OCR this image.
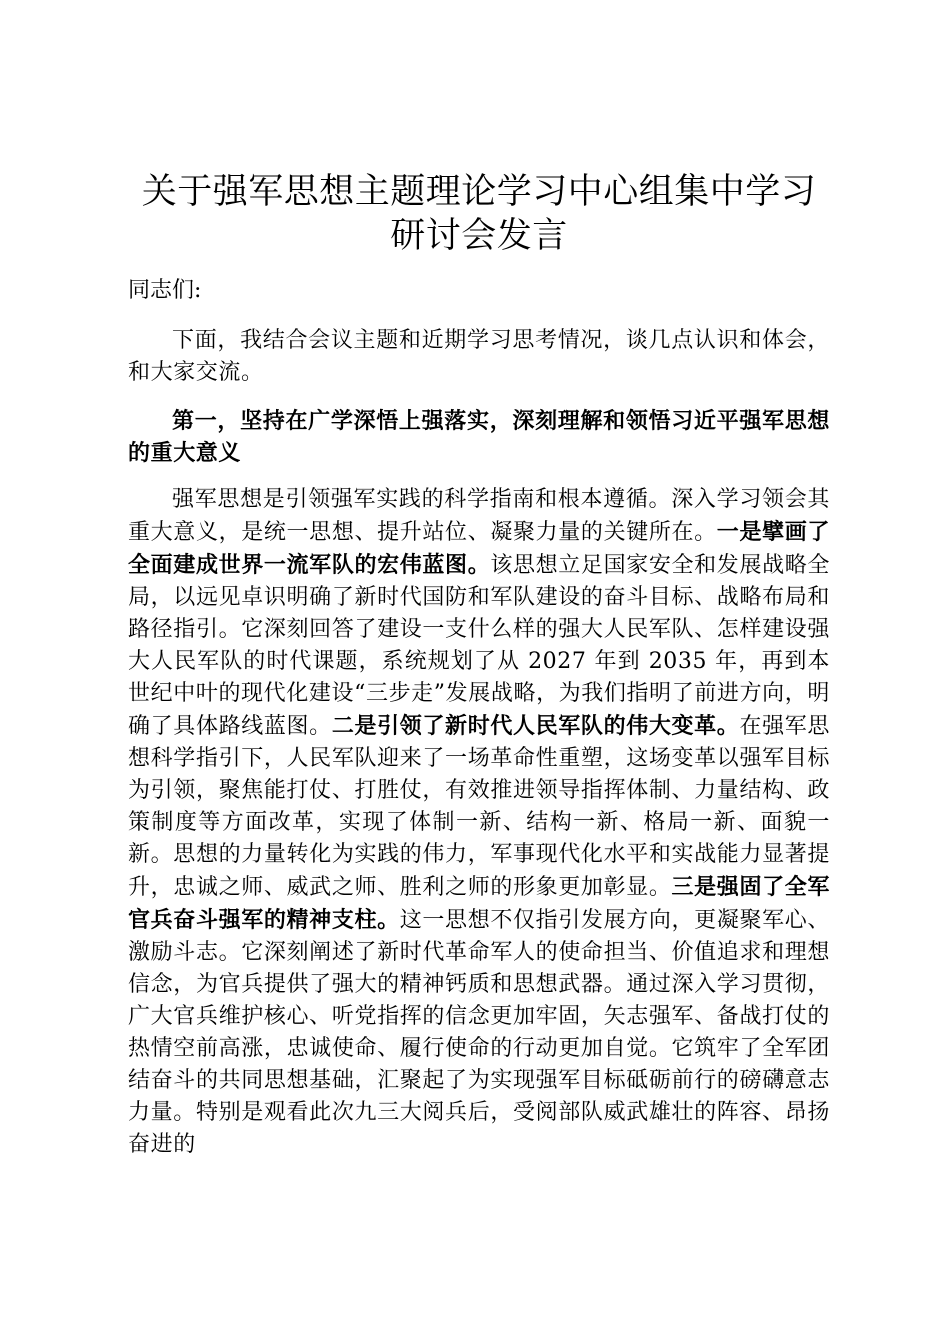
关于强军思想主题理论学习中心组集中学习研讨会发言

同志们:

下面，我结合会议主题和近期学习思考情况，谈几点认识和体会，和大家交流。

第一，坚持在广学深悟上强落实，深刻理解和领悟习近平强军思想的重大意义

强军思想是引领强军实践的科学指南和根本遵循。深入学习领会其重大意义，是统一思想、提升站位、凝聚力量的关键所在。一是擘画了全面建成世界一流军队的宏伟蓝图。该思想立足国家安全和发展战略全局，以远见卓识明确了新时代国防和军队建设的奋斗目标、战略布局和路径指引。它深刻回答了建设一支什么样的强大人民军队、怎样建设强大人民军队的时代课题，系统规划了从 2027 年到 2035 年，再到本世纪中叶的现代化建设“三步走”发展战略，为我们指明了前进方向，明确了具体路线蓝图。二是引领了新时代人民军队的伟大变革。在强军思想科学指引下，人民军队迎来了一场革命性重塑，这场变革以强军目标为引领，聚焦能打仗、打胜仗，有效推进领导指挥体制、力量结构、政策制度等方面改革，实现了体制一新、结构一新、格局一新、面貌一新。思想的力量转化为实践的伟力，军事现代化水平和实战能力显著提升，忠诚之师、威武之师、胜利之师的形象更加彰显。三是强固了全军官兵奋斗强军的精神支柱。这一思想不仅指引发展方向，更凝聚军心、激励斗志。它深刻阐述了新时代革命军人的使命担当、价值追求和理想信念，为官兵提供了强大的精神钙质和思想武器。通过深入学习贯彻，广大官兵维护核心、听党指挥的信念更加牢固，矢志强军、备战打仗的热情空前高涨，忠诚使命、履行使命的行动更加自觉。它筑牢了全军团结奋斗的共同思想基础，汇聚起了为实现强军目标砥砺前行的磅礴意志力量。特别是观看此次九三大阅兵后，受阅部队威武雄壮的阵容、昂扬奋进的
